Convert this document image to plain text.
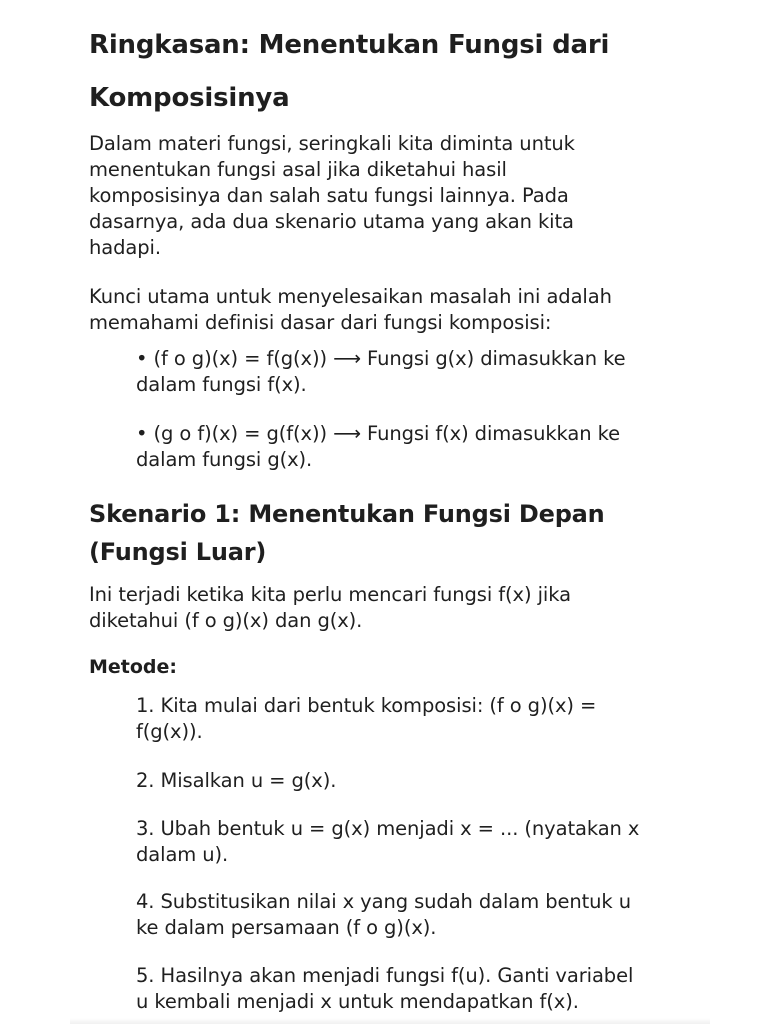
Ringkasan: Menentukan Fungsi dari
Komposisinya
Dalam materi fungsi, seringkali kita diminta untuk
menentukan fungsi asal jika diketahui hasil
komposisinya dan salah satu fungsi lainnya. Pada
dasarnya, ada dua skenario utama yang akan kita
hadapi.
Kunci utama untuk menyelesaikan masalah ini adalah
memahami definisi dasar dari fungsi komposisi:
• (f o g)(x) = f(g(x)) ⟶ Fungsi g(x) dimasukkan ke
dalam fungsi f(x).
• (g o f)(x) = g(f(x)) ⟶ Fungsi f(x) dimasukkan ke
dalam fungsi g(x).
Skenario 1: Menentukan Fungsi Depan
(Fungsi Luar)
Ini terjadi ketika kita perlu mencari fungsi f(x) jika
diketahui (f o g)(x) dan g(x).
Metode:
1. Kita mulai dari bentuk komposisi: (f o g)(x) =
f(g(x)).
2. Misalkan u = g(x).
3. Ubah bentuk u = g(x) menjadi x = ... (nyatakan x
dalam u).
4. Substitusikan nilai x yang sudah dalam bentuk u
ke dalam persamaan (f o g)(x).
5. Hasilnya akan menjadi fungsi f(u). Ganti variabel
u kembali menjadi x untuk mendapatkan f(x).
